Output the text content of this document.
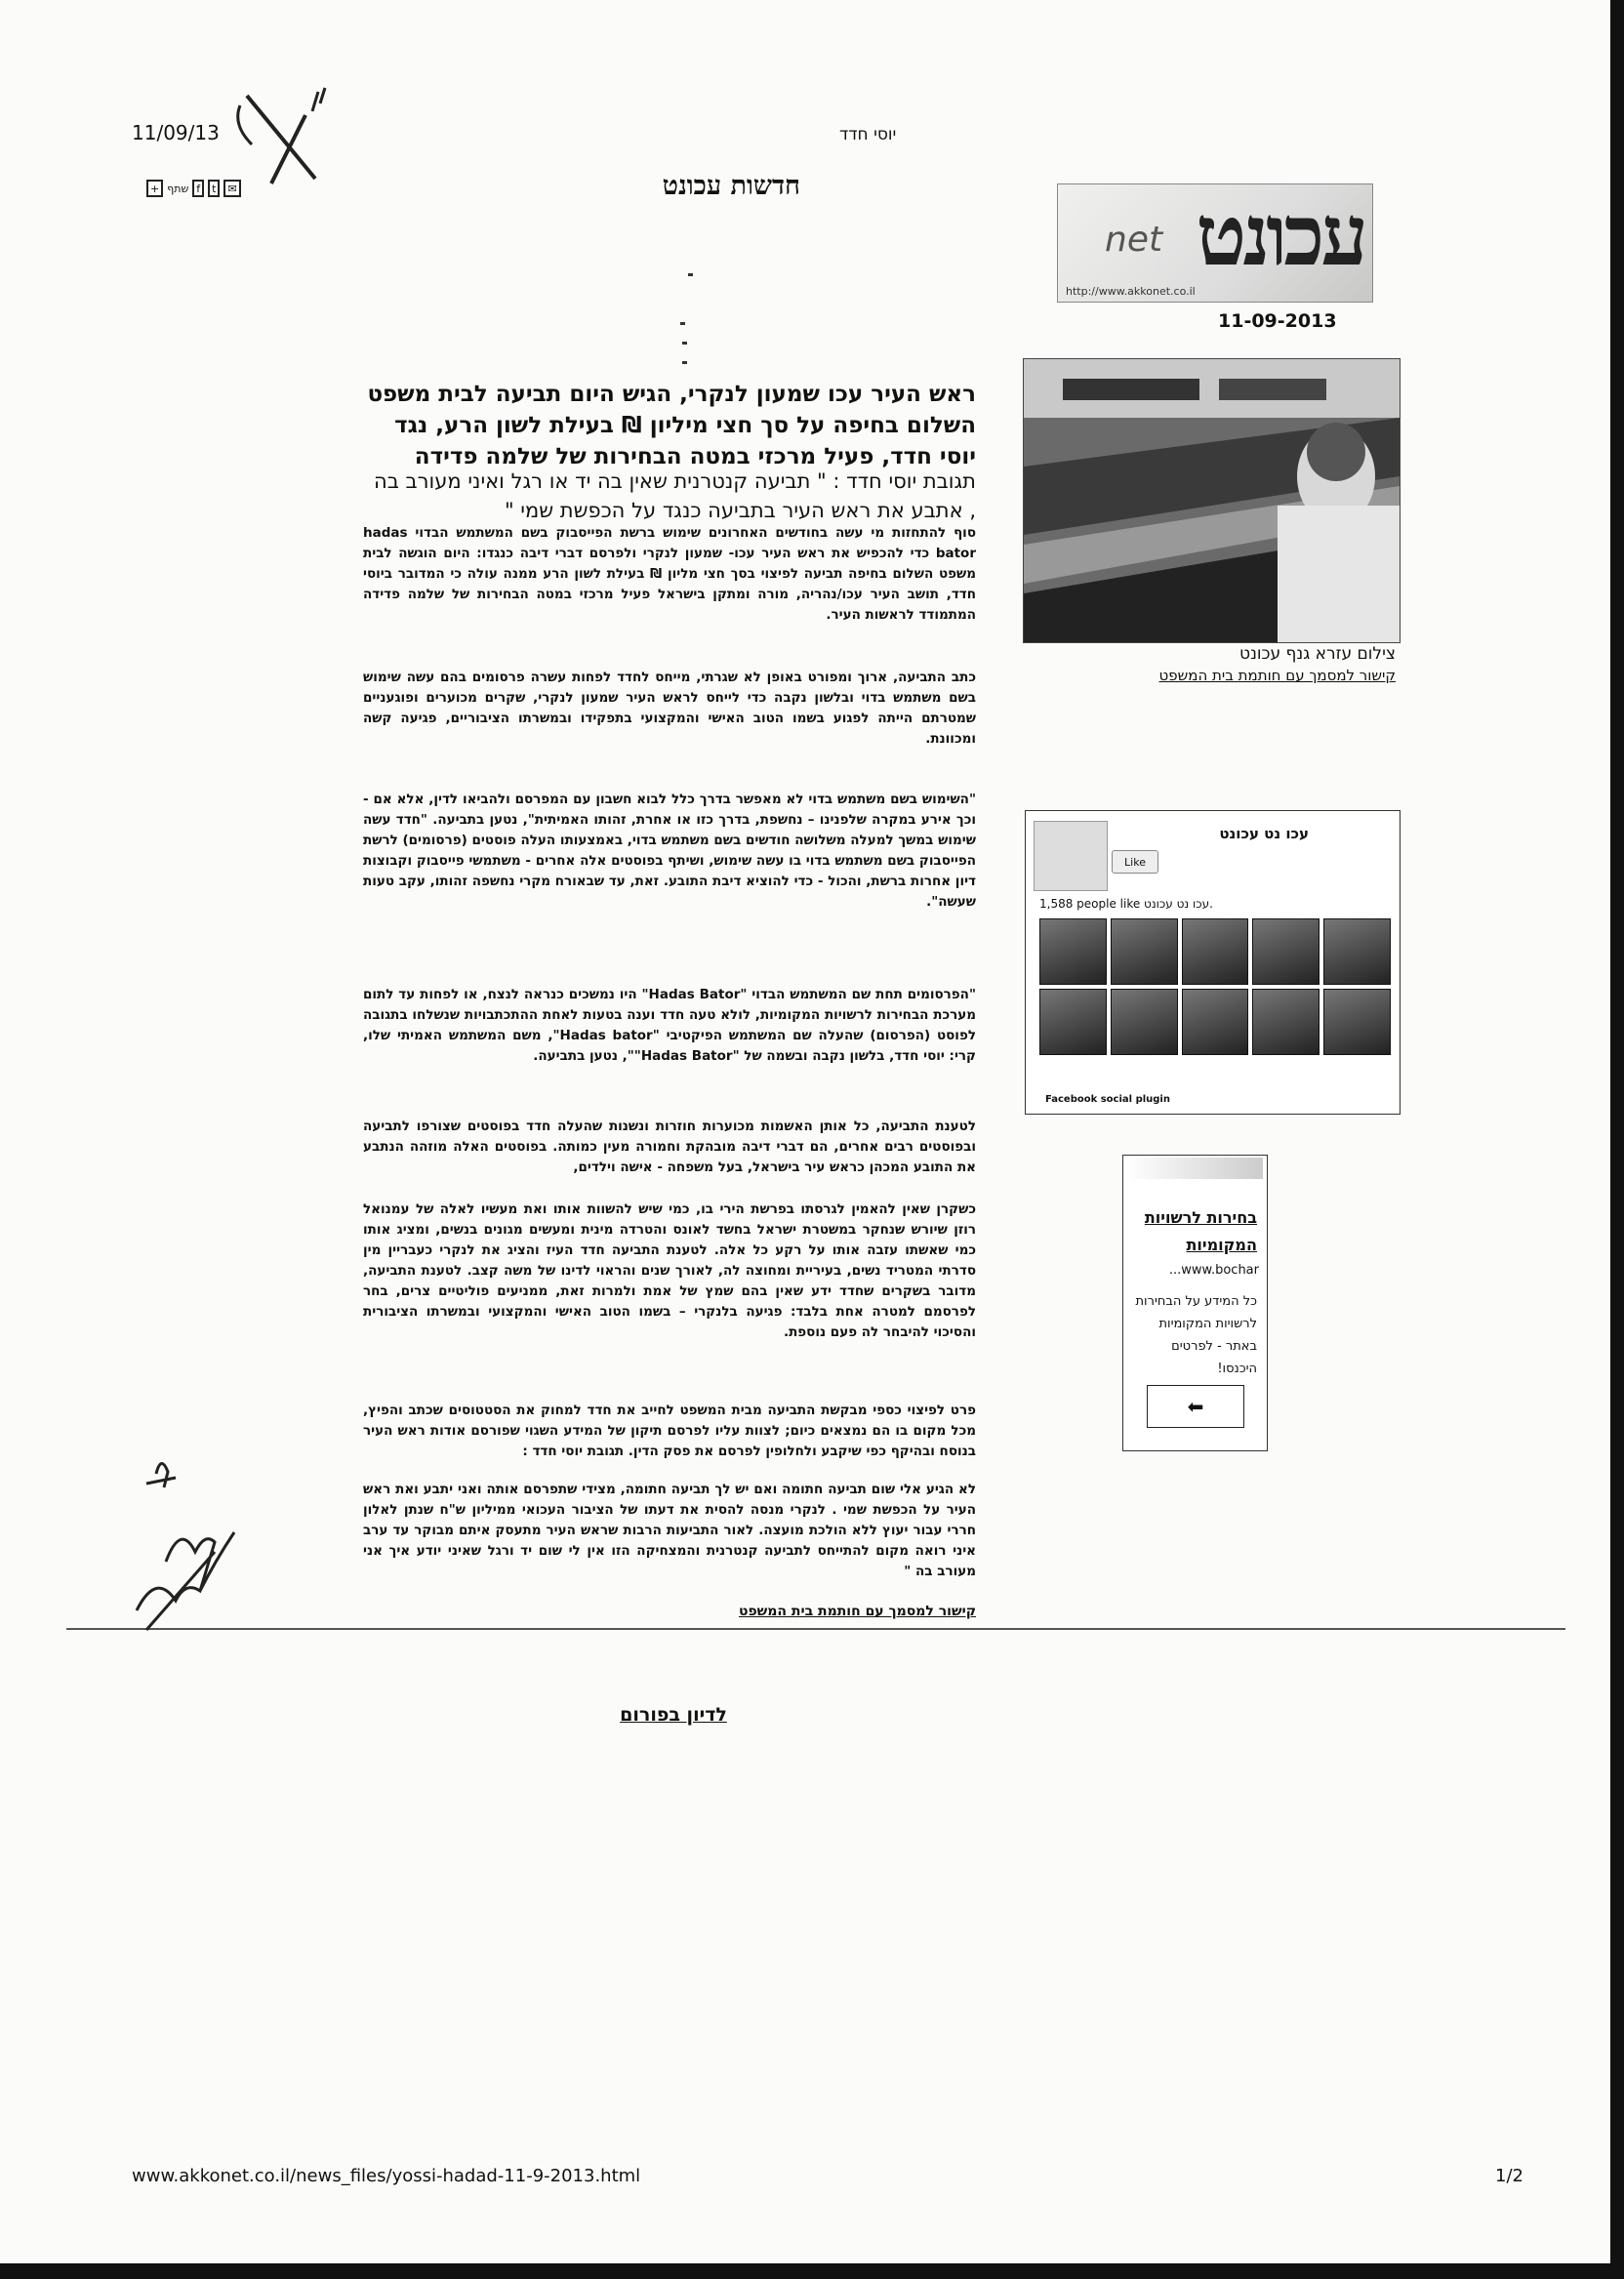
11/09/13
+ שתף f	t	✉
יוסי חדד
חדשות עכונט
עכונט
net
http://www.akkonet.co.il
11-09-2013
צילום עזרא גנף עכונט
קישור למסמך עם חותמת בית המשפט
ראש העיר עכו שמעון לנקרי, הגיש היום תביעה לבית משפט השלום בחיפה על סך חצי מיליון ₪ בעילת לשון הרע, נגד יוסי חדד, פעיל מרכזי במטה הבחירות של שלמה פדידה
תגובת יוסי חדד : " תביעה קנטרנית שאין בה יד או רגל ואיני מעורב בה , אתבע את ראש העיר בתביעה כנגד על הכפשת שמי "
סוף להתחזות מי עשה בחודשים האחרונים שימוש ברשת הפייסבוק בשם המשתמש הבדוי hadas bator כדי להכפיש את ראש העיר עכו- שמעון לנקרי ולפרסם דברי דיבה כנגדו: היום הוגשה לבית משפט השלום בחיפה תביעה לפיצוי בסך חצי מליון ₪ בעילת לשון הרע ממנה עולה כי המדובר ביוסי חדד, תושב העיר עכו/נהריה, מורה ומתקן בישראל פעיל מרכזי במטה הבחירות של שלמה פדידה המתמודד לראשות העיר.
כתב התביעה, ארוך ומפורט באופן לא שגרתי, מייחס לחדד לפחות עשרה פרסומים בהם עשה שימוש בשם משתמש בדוי ובלשון נקבה כדי לייחס לראש העיר שמעון לנקרי, שקרים מכוערים ופוגעניים שמטרתם הייתה לפגוע בשמו הטוב האישי והמקצועי בתפקידו ובמשרתו הציבוריים, פגיעה קשה ומכוונת.
"השימוש בשם משתמש בדוי לא מאפשר בדרך כלל לבוא חשבון עם המפרסם ולהביאו לדין, אלא אם - וכך אירע במקרה שלפנינו – נחשפת, בדרך כזו או אחרת, זהותו האמיתית", נטען בתביעה. "חדד עשה שימוש במשך למעלה משלושה חודשים בשם משתמש בדוי, באמצעותו העלה פוסטים (פרסומים) לרשת הפייסבוק בשם משתמש בדוי בו עשה שימוש, ושיתף בפוסטים אלה אחרים - משתמשי פייסבוק וקבוצות דיון אחרות ברשת, והכול - כדי להוציא דיבת התובע. זאת, עד שבאורח מקרי נחשפה זהותו, עקב טעות שעשה".
"הפרסומים תחת שם המשתמש הבדוי "Hadas Bator" היו נמשכים כנראה לנצח, או לפחות עד לתום מערכת הבחירות לרשויות המקומיות, לולא טעה חדד וענה בטעות לאחת ההתכתבויות שנשלחו בתגובה לפוסט (הפרסום) שהעלה שם המשתמש הפיקטיבי "Hadas bator", משם המשתמש האמיתי שלו, קרי: יוסי חדד, בלשון נקבה ובשמה של "Hadas Bator"", נטען בתביעה.
לטענת התביעה, כל אותן האשמות מכוערות חוזרות ונשנות שהעלה חדד בפוסטים שצורפו לתביעה ובפוסטים רבים אחרים, הם דברי דיבה מובהקת וחמורה מעין כמותה. בפוסטים האלה מוזהה הנתבע את התובע המכהן כראש עיר בישראל, בעל משפחה - אישה וילדים,
כשקרן שאין להאמין לגרסתו בפרשת הירי בו, כמי שיש להשוות אותו ואת מעשיו לאלה של עמנואל רוזן שיורש שנחקר במשטרת ישראל בחשד לאונס והטרדה מינית ומעשים מגונים בנשים, ומציג אותו כמי שאשתו עזבה אותו על רקע כל אלה. לטענת התביעה חדד העיז והציג את לנקרי כעבריין מין סדרתי המטריד נשים, בעיריית ומחוצה לה, לאורך שנים והראוי לדינו של משה קצב. לטענת התביעה, מדובר בשקרים שחדד ידע שאין בהם שמץ של אמת ולמרות זאת, ממניעים פוליטיים צרים, בחר לפרסמם למטרה אחת בלבד: פגיעה בלנקרי – בשמו הטוב האישי והמקצועי ובמשרתו הציבורית והסיכוי להיבחר לה פעם נוספת.
פרט לפיצוי כספי מבקשת התביעה מבית המשפט לחייב את חדד למחוק את הסטטוסים שכתב והפיץ, מכל מקום בו הם נמצאים כיום; לצוות עליו לפרסם תיקון של המידע השגוי שפורסם אודות ראש העיר בנוסח ובהיקף כפי שיקבע ולחלופין לפרסם את פסק הדין. תגובת יוסי חדד :
לא הגיע אלי שום תביעה חתומה ואם יש לך תביעה חתומה, מצידי שתפרסם אותה ואני יתבע ואת ראש העיר על הכפשת שמי . לנקרי מנסה להסית את דעתו של הציבור העכואי ממיליון ש"ח שנתן לאלון חררי עבור יעוץ ללא הולכת מועצה. לאור התביעות הרבות שראש העיר מתעסק איתם מבוקר עד ערב איני רואה מקום להתייחס לתביעה קנטרנית והמצחיקה הזו אין לי שום יד ורגל שאיני יודע איך אני מעורב בה "
קישור למסמך עם חותמת בית המשפט
לדיון בפורום
עכו נט עכונט
Like
1,588 people like עכו נט עכונט.
Facebook social plugin
בחירות לרשויות המקומיות
www.bochar...
כל המידע על הבחירות לרשויות המקומיות באתר - לפרטים היכנסו!
⬅
www.akkonet.co.il/news_files/yossi-hadad-11-9-2013.html	1/2
